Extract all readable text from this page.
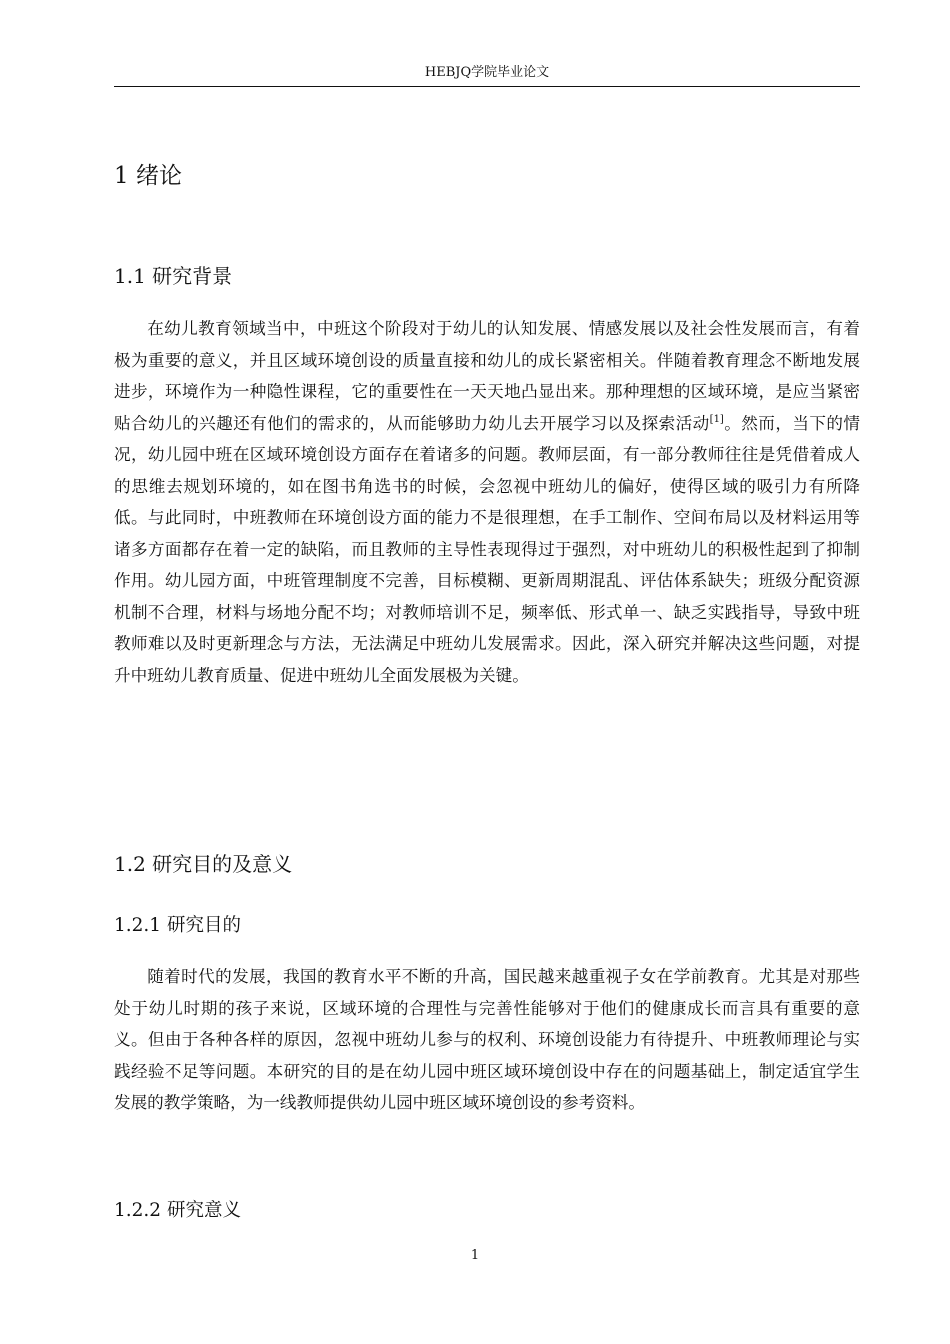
HEBJQ学院毕业论文
1 绪论
1.1 研究背景

在幼儿教育领域当中，中班这个阶段对于幼儿的认知发展、情感发展以及社会性发展而言，有着极为重要的意义，并且区域环境创设的质量直接和幼儿的成长紧密相关。伴随着教育理念不断地发展进步，环境作为一种隐性课程，它的重要性在一天天地凸显出来。那种理想的区域环境，是应当紧密贴合幼儿的兴趣还有他们的需求的，从而能够助力幼儿去开展学习以及探索活动[1]。然而，当下的情况，幼儿园中班在区域环境创设方面存在着诸多的问题。教师层面，有一部分教师往往是凭借着成人的思维去规划环境的，如在图书角选书的时候，会忽视中班幼儿的偏好，使得区域的吸引力有所降低。与此同时，中班教师在环境创设方面的能力不是很理想，在手工制作、空间布局以及材料运用等诸多方面都存在着一定的缺陷，而且教师的主导性表现得过于强烈，对中班幼儿的积极性起到了抑制作用。幼儿园方面，中班管理制度不完善，目标模糊、更新周期混乱、评估体系缺失；班级分配资源机制不合理，材料与场地分配不均；对教师培训不足，频率低、形式单一、缺乏实践指导，导致中班教师难以及时更新理念与方法，无法满足中班幼儿发展需求。因此，深入研究并解决这些问题，对提升中班幼儿教育质量、促进中班幼儿全面发展极为关键。

1.2 研究目的及意义
1.2.1 研究目的

随着时代的发展，我国的教育水平不断的升高，国民越来越重视子女在学前教育。尤其是对那些处于幼儿时期的孩子来说，区域环境的合理性与完善性能够对于他们的健康成长而言具有重要的意义。但由于各种各样的原因，忽视中班幼儿参与的权利、环境创设能力有待提升、中班教师理论与实践经验不足等问题。本研究的目的是在幼儿园中班区域环境创设中存在的问题基础上，制定适宜学生发展的教学策略，为一线教师提供幼儿园中班区域环境创设的参考资料。

1.2.2 研究意义
1
